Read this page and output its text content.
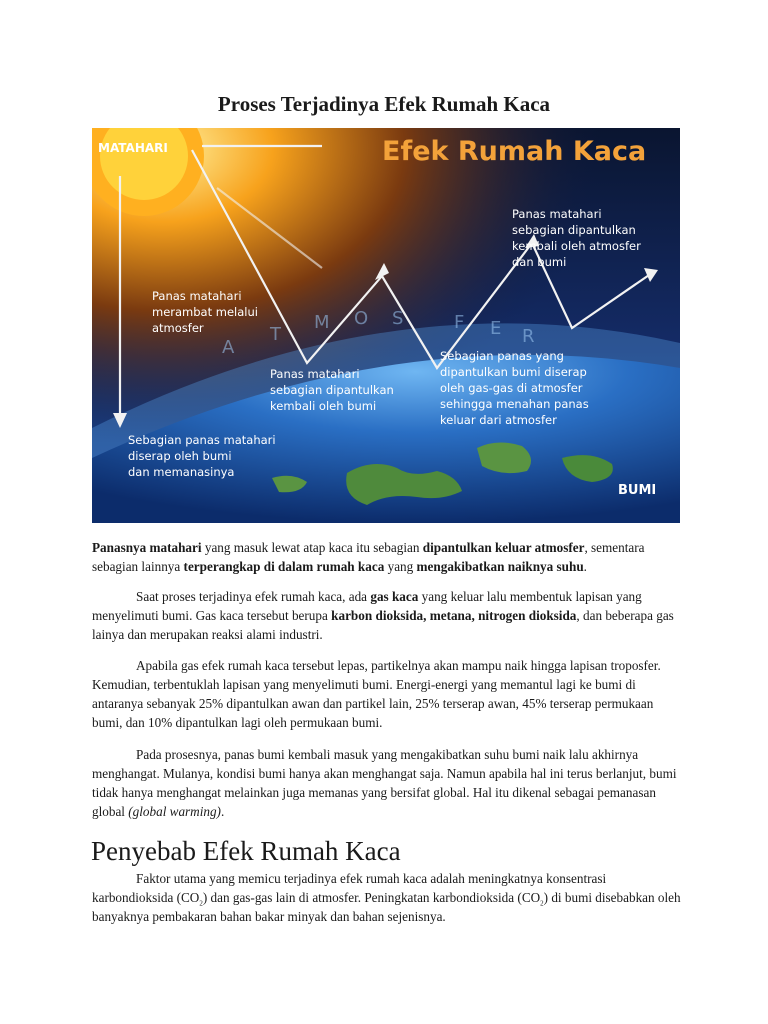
Proses Terjadinya Efek Rumah Kaca
Efek Rumah Kaca
MATAHARI
A
T
M O S	F E R
Panas matahari sebagian dipantulkan kembali oleh atmosfer dan bumi
Panas matahari merambat melalui atmosfer
Panas matahari sebagian dipantulkan kembali oleh bumi
Sebagian panas yang dipantulkan bumi diserap oleh gas-gas di atmosfer sehingga menahan panas keluar dari atmosfer
Sebagian panas matahari diserap oleh bumi dan memanasinya
BUMI

Panasnya matahari yang masuk lewat atap kaca itu sebagian dipantulkan keluar atmosfer, sementara sebagian lainnya terperangkap di dalam rumah kaca yang mengakibatkan naiknya suhu.

Saat proses terjadinya efek rumah kaca, ada gas kaca yang keluar lalu membentuk lapisan yang menyelimuti bumi. Gas kaca tersebut berupa karbon dioksida, metana, nitrogen dioksida, dan beberapa gas lainya dan merupakan reaksi alami industri.

Apabila gas efek rumah kaca tersebut lepas, partikelnya akan mampu naik hingga lapisan troposfer. Kemudian, terbentuklah lapisan yang menyelimuti bumi. Energi-energi yang memantul lagi ke bumi di antaranya sebanyak 25% dipantulkan awan dan partikel lain, 25% terserap awan, 45% terserap permukaan bumi, dan 10% dipantulkan lagi oleh permukaan bumi.

Pada prosesnya, panas bumi kembali masuk yang mengakibatkan suhu bumi naik lalu akhirnya menghangat. Mulanya, kondisi bumi hanya akan menghangat saja. Namun apabila hal ini terus berlanjut, bumi tidak hanya menghangat melainkan juga memanas yang bersifat global. Hal itu dikenal sebagai pemanasan global (global warming).

Penyebab Efek Rumah Kaca

Faktor utama yang memicu terjadinya efek rumah kaca adalah meningkatnya konsentrasi karbondioksida $(CO_2)$ dan gas-gas lain di atmosfer. Peningkatan karbondioksida $(CO_2)$ di bumi disebabkan oleh banyaknya pembakaran bahan bakar minyak dan bahan sejenisnya.
